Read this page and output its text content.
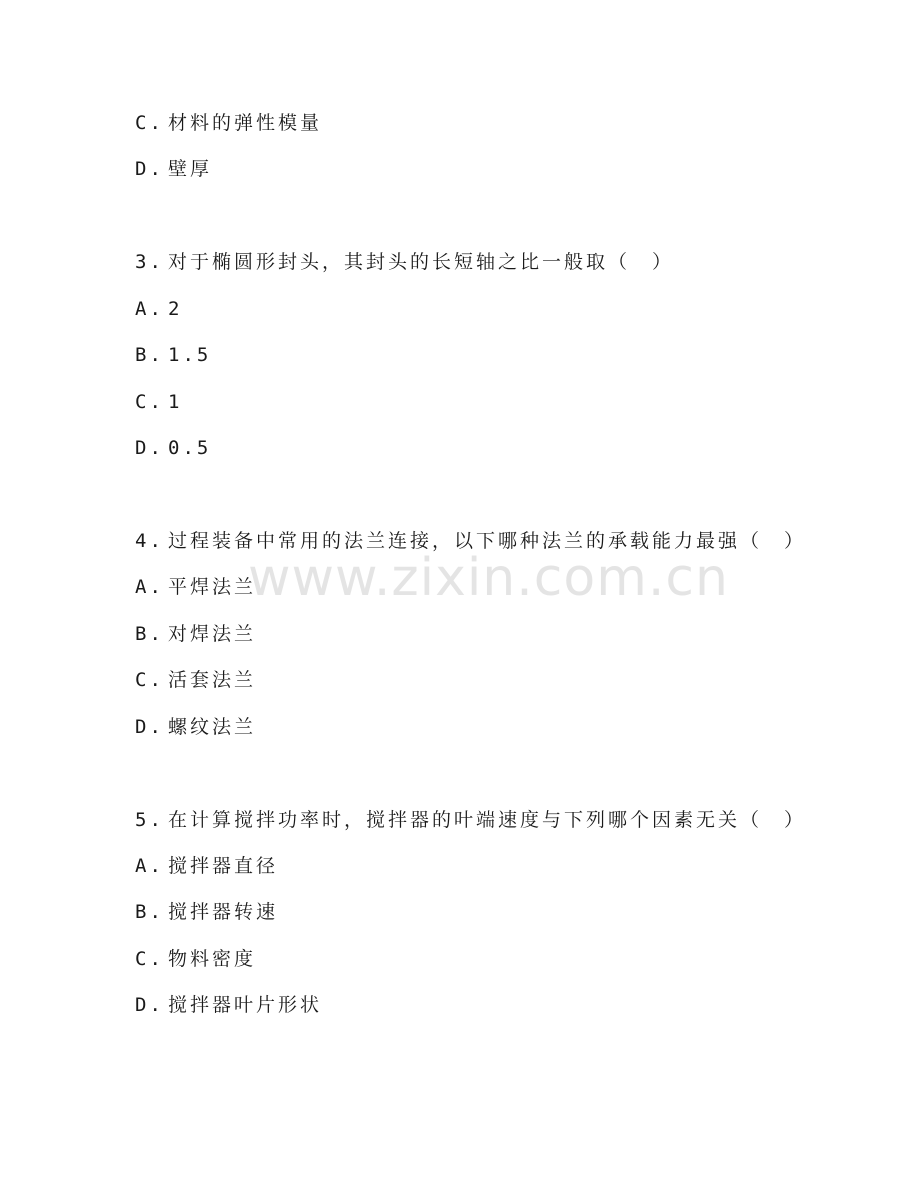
www.zixin.com.cn
C. 材料的弹性模量
D. 壁厚
3. 对于椭圆形封头，其封头的长短轴之比一般取（　）
A. 2
B. 1.5
C. 1
D. 0.5
4. 过程装备中常用的法兰连接，以下哪种法兰的承载能力最强（　）
A. 平焊法兰
B. 对焊法兰
C. 活套法兰
D. 螺纹法兰
5. 在计算搅拌功率时，搅拌器的叶端速度与下列哪个因素无关（　）
A. 搅拌器直径
B. 搅拌器转速
C. 物料密度
D. 搅拌器叶片形状
